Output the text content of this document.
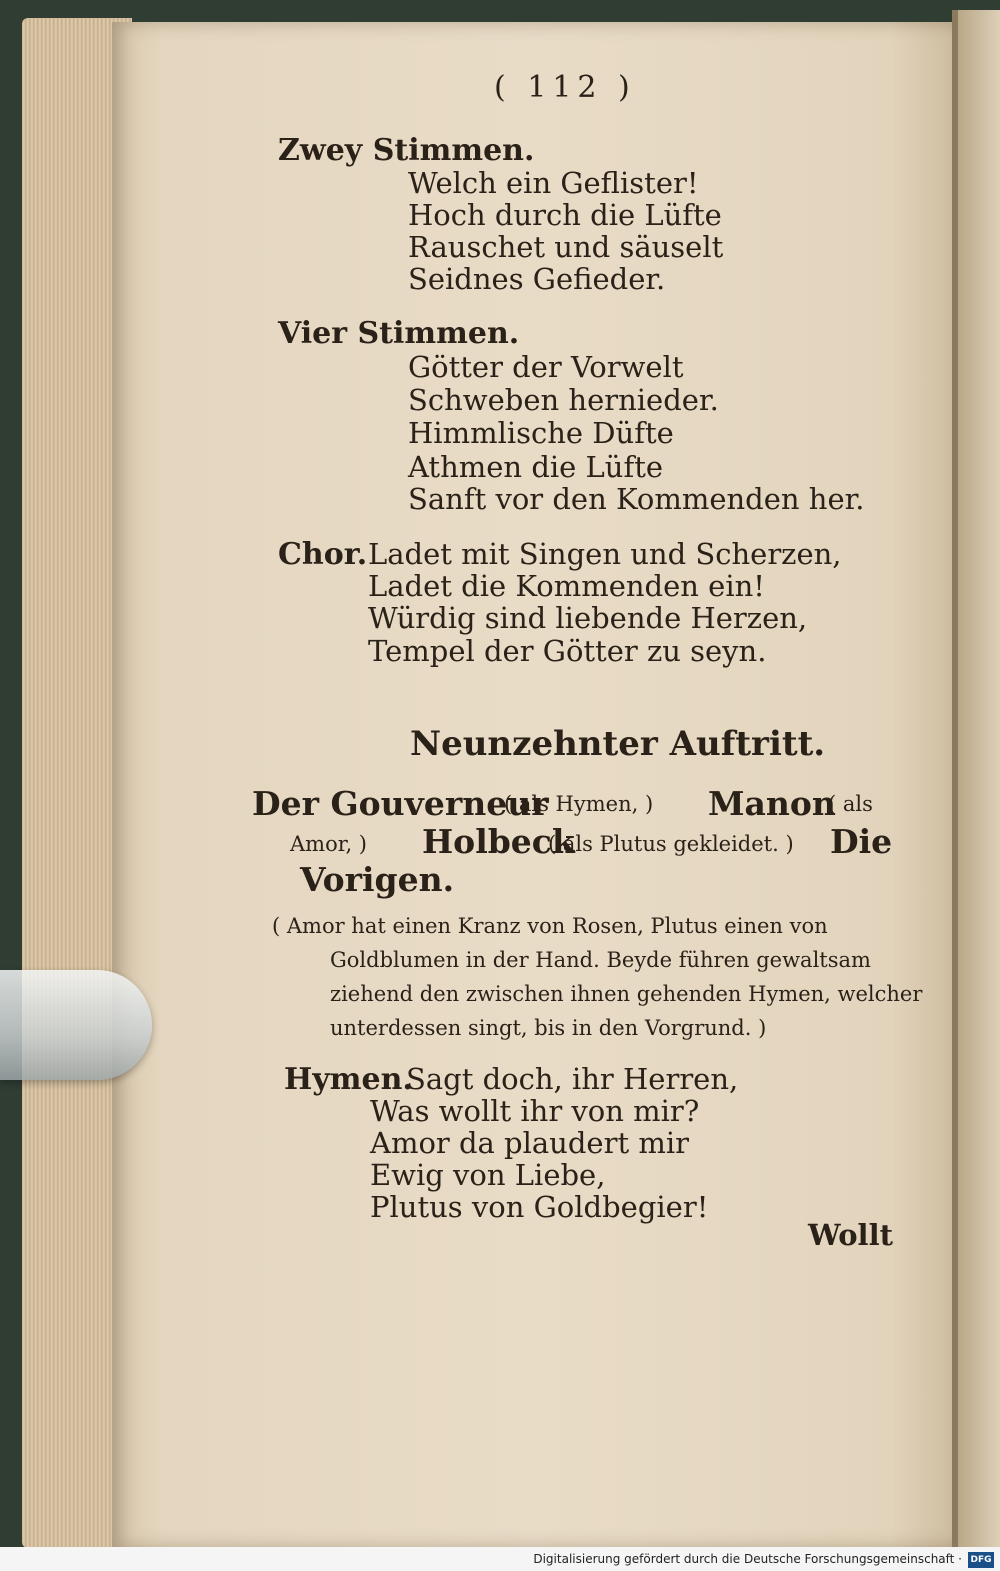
( 112 )
Zwey Stimmen.
Welch ein Geflister!
Hoch durch die Lüfte
Rauschet und säuselt
Seidnes Gefieder.
Vier Stimmen.
Götter der Vorwelt
Schweben hernieder.
Himmlische Düfte
Athmen die Lüfte
Sanft vor den Kommenden her.
Chor. Ladet mit Singen und Scherzen,
Ladet die Kommenden ein!
Würdig sind liebende Herzen,
Tempel der Götter zu seyn.
Neunzehnter Auftritt.
Der Gouverneur
( als Hymen, ) Manon
( als
Amor, ) Holbeck
( als Plutus gekleidet. ) Die
Vorigen.
( Amor hat einen Kranz von Rosen, Plutus einen von
Goldblumen in der Hand. Beyde führen gewaltsam
ziehend den zwischen ihnen gehenden Hymen, welcher
unterdessen singt, bis in den Vorgrund. )
Hymen.
Sagt doch, ihr Herren,
Was wollt ihr von mir?
Amor da plaudert mir
Ewig von Liebe,
Plutus von Goldbegier!
Wollt
Digitalisierung gefördert durch die Deutsche Forschungsgemeinschaft · DFG
